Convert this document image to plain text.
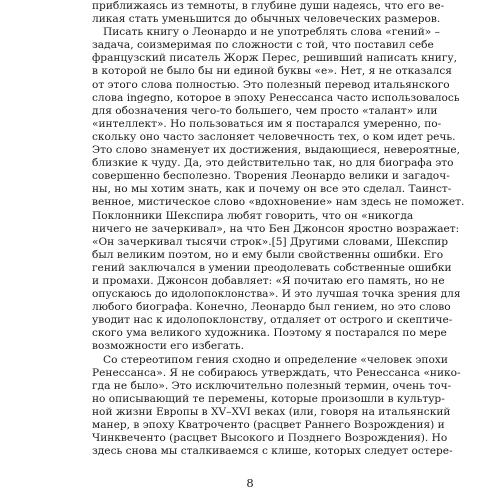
приближаясь из темноты, в глубине души надеясь, что его ве-
ликая стать уменьшится до обычных человеческих размеров.
Писать книгу о Леонардо и не употреблять слова «гений» –
задача, соизмеримая по сложности с той, что поставил себе
французский писатель Жорж Перес, решивший написать книгу,
в которой не было бы ни единой буквы «е». Нет, я не отказался
от этого слова полностью. Это полезный перевод итальянского
слова ingegno, которое в эпоху Ренессанса часто использовалось
для обозначения чего-то большего, чем просто «талант» или
«интеллект». Но пользоваться им я постарался умеренно, по-
скольку оно часто заслоняет человечность тех, о ком идет речь.
Это слово знаменует их достижения, выдающиеся, невероятные,
близкие к чуду. Да, это действительно так, но для биографа это
совершенно бесполезно. Творения Леонардо велики и загадоч-
ны, но мы хотим знать, как и почему он все это сделал. Таинст-
венное, мистическое слово «вдохновение» нам здесь не поможет.
Поклонники Шекспира любят говорить, что он «никогда
ничего не зачеркивал», на что Бен Джонсон яростно возражает:
«Он зачеркивал тысячи строк».[5] Другими словами, Шекспир
был великим поэтом, но и ему были свойственны ошибки. Его
гений заключался в умении преодолевать собственные ошибки
и промахи. Джонсон добавляет: «Я почитаю его память, но не
опускаюсь до идолопоклонства». И это лучшая точка зрения для
любого биографа. Конечно, Леонардо был гением, но это слово
уводит нас к идолопоклонству, отдаляет от острого и скептиче-
ского ума великого художника. Поэтому я постарался по мере
возможности его избегать.
Со стереотипом гения сходно и определение «человек эпохи
Ренессанса». Я не собираюсь утверждать, что Ренессанса «нико-
гда не было». Это исключительно полезный термин, очень точ-
но описывающий те перемены, которые произошли в культур-
ной жизни Европы в XV–XVI веках (или, говоря на итальянский
манер, в эпоху Кватроченто (расцвет Раннего Возрождения) и
Чинквеченто (расцвет Высокого и Позднего Возрождения). Но
здесь снова мы сталкиваемся с клише, которых следует остере-
8
